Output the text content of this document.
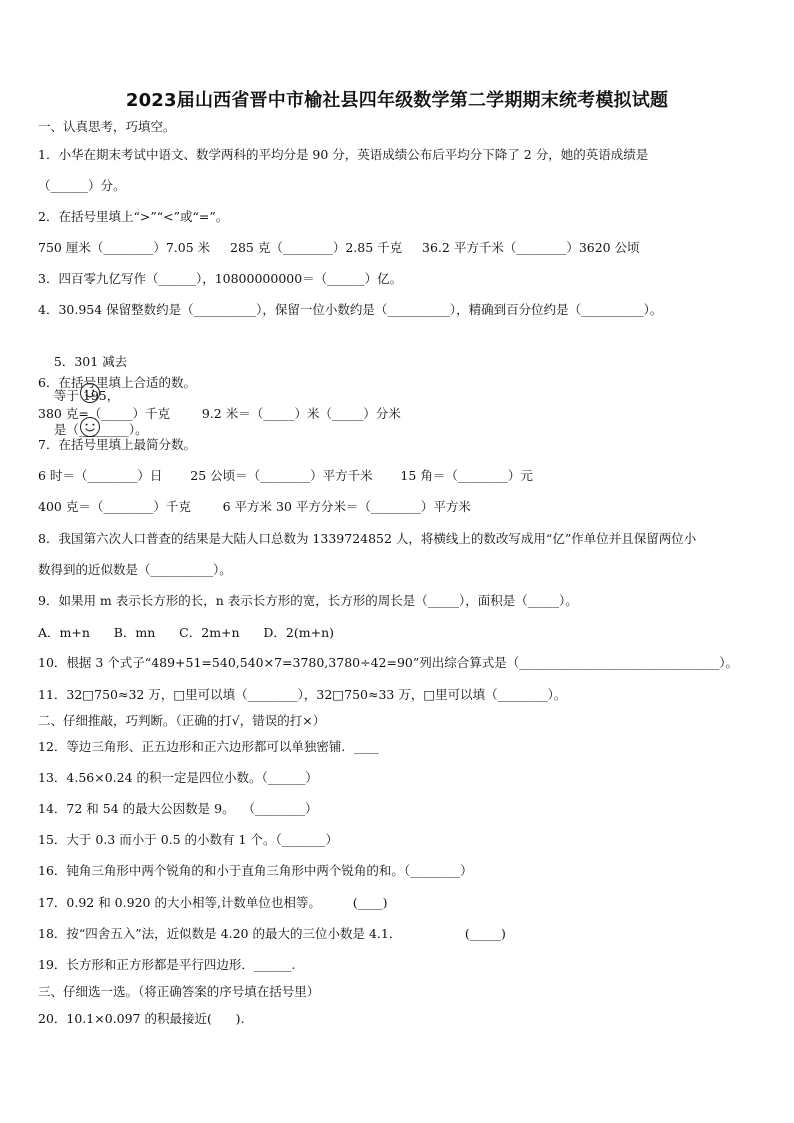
2023届山西省晋中市榆社县四年级数学第二学期期末统考模拟试题
一、认真思考，巧填空。
1．小华在期末考试中语文、数学两科的平均分是 90 分，英语成绩公布后平均分下降了 2 分，她的英语成绩是
（______）分。
2．在括号里填上“>”“<”或“=”。
750 厘米（________）7.05 米     285 克（________）2.85 千克     36.2 平方千米（________）3620 公顷
3．四百零九亿写作（______），10800000000＝（______）亿。
4．30.954 保留整数约是（__________），保留一位小数约是（__________），精确到百分位约是（__________）。

5．301 减去

等于 195，

是（________）。

6．在括号里填上合适的数。
380 克=（_____）千克        9.2 米＝（_____）米（_____）分米
7．在括号里填上最简分数。
6 时＝（________）日       25 公顷＝（________）平方千米       15 角＝（________）元
400 克＝（________）千克        6 平方米 30 平方分米＝（________）平方米
8．我国第六次人口普查的结果是大陆人口总数为 1339724852 人，将横线上的数改写成用“亿”作单位并且保留两位小
数得到的近似数是（__________）。
9．如果用 m 表示长方形的长，n 表示长方形的宽，长方形的周长是（_____），面积是（_____）。
A．m+n      B．mn      C．2m+n      D．2(m+n)
10．根据 3 个式子“489+51=540,540×7=3780,3780÷42=90”列出综合算式是（________________________________）。
11．32□750≈32 万，□里可以填（________），32□750≈33 万，□里可以填（________）。
二、仔细推敲，巧判断。（正确的打√，错误的打×）
12．等边三角形、正五边形和正六边形都可以单独密铺．____
13．4.56×0.24 的积一定是四位小数。（______）
14．72 和 54 的最大公因数是 9。  （________）
15．大于 0.3 而小于 0.5 的小数有 1 个。（_______）
16．钝角三角形中两个锐角的和小于直角三角形中两个锐角的和。（________）
17．0.92 和 0.920 的大小相等,计数单位也相等。        (____)
18．按“四舍五入”法，近似数是 4.20 的最大的三位小数是 4.1．                (_____)
19．长方形和正方形都是平行四边形．______.
三、仔细选一选。（将正确答案的序号填在括号里）
20．10.1×0.097 的积最接近(      ).
